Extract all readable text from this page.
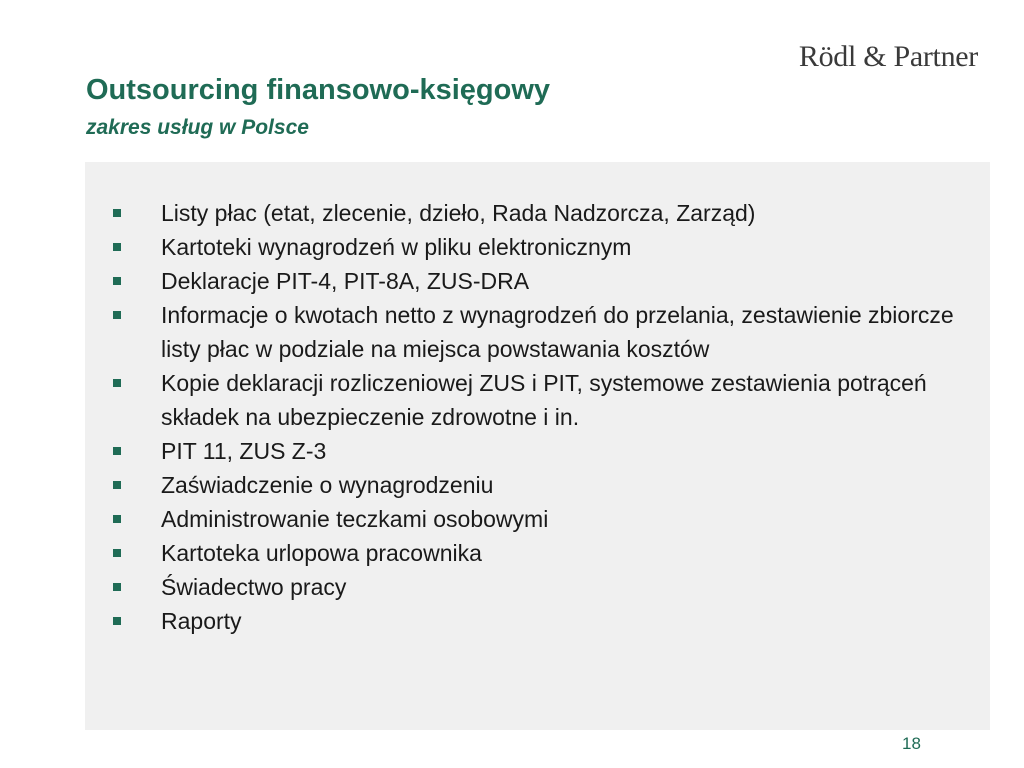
Rödl & Partner
Outsourcing finansowo-księgowy
zakres usług w Polsce
Listy płac (etat, zlecenie, dzieło, Rada Nadzorcza, Zarząd)
Kartoteki wynagrodzeń w pliku elektronicznym
Deklaracje PIT-4, PIT-8A, ZUS-DRA
Informacje o kwotach netto z wynagrodzeń do przelania, zestawienie zbiorcze listy płac w podziale na miejsca powstawania kosztów
Kopie deklaracji rozliczeniowej ZUS i PIT, systemowe zestawienia potrąceń składek na ubezpieczenie zdrowotne i in.
PIT 11, ZUS Z-3
Zaświadczenie o wynagrodzeniu
Administrowanie teczkami osobowymi
Kartoteka urlopowa pracownika
Świadectwo pracy
Raporty
18
